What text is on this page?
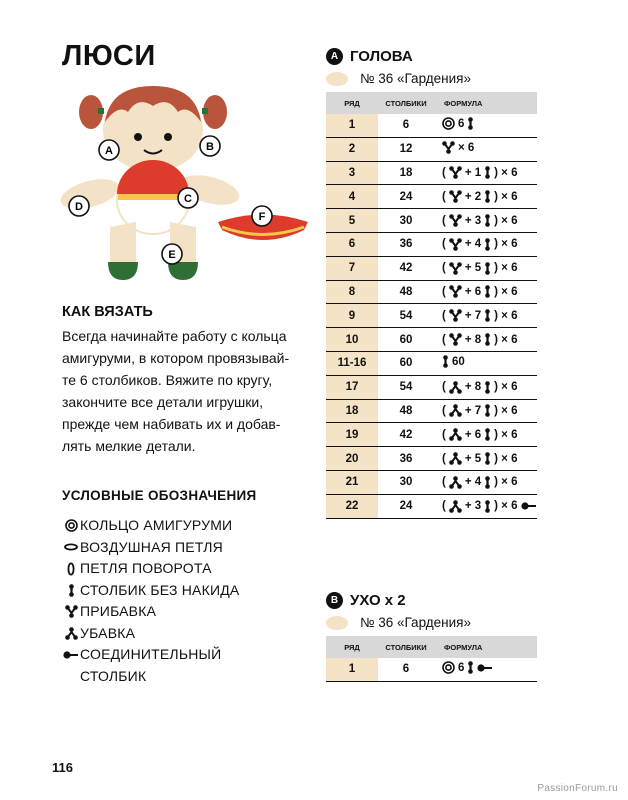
ЛЮСИ
A	B
C
D
E
F
КАК ВЯЗАТЬ
Всегда начинайте работу с кольца
амигуруми, в котором провязывай-
те 6 столбиков. Вяжите по кругу,
закончите все детали игрушки,
прежде чем набивать их и добав-
лять мелкие детали.
УСЛОВНЫЕ ОБОЗНАЧЕНИЯ
КОЛЬЦО АМИГУРУМИ
ВОЗДУШНАЯ ПЕТЛЯ
ПЕТЛЯ ПОВОРОТА
СТОЛБИК БЕЗ НАКИДА
ПРИБАВКА
УБАВКА
СОЕДИНИТЕЛЬНЫЙ
СТОЛБИК
A ГОЛОВА
№ 36 «Гардения»
РЯД	СТОЛБИКИ	ФОРМУЛА
1	6	6

2	12	× 6

3	18	( + 1 ) × 6

4	24	( + 2 ) × 6

5	30	( + 3 ) × 6

6	36	( + 4 ) × 6

7	42	( + 5 ) × 6

8	48	( + 6 ) × 6

9	54	( + 7 ) × 6

10	60	( + 8 ) × 6

11-16	60	60

17	54	( + 8 ) × 6

18	48	( + 7 ) × 6

19	42	( + 6 ) × 6

20	36	( + 5 ) × 6

21	30	( + 4 ) × 6

22	24	( + 3 ) × 6
B УХО x 2
№ 36 «Гардения»
РЯД	СТОЛБИКИ	ФОРМУЛА
1	6	6
116
PassionForum.ru
